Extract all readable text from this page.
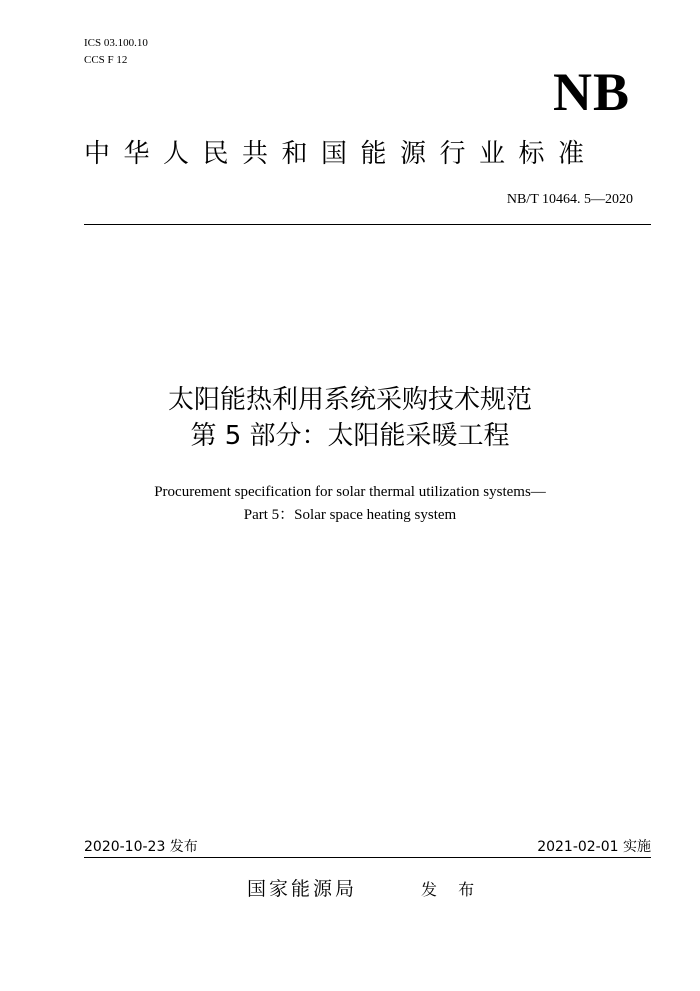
ICS 03.100.10
CCS F 12
NB
中华人民共和国能源行业标准
NB/T 10464. 5—2020
太阳能热利用系统采购技术规范
第 5 部分：太阳能采暖工程
Procurement specification for solar thermal utilization systems—
Part 5：Solar space heating system
2020-10-23 发布	2021-02-01 实施
国家能源局	发 布
